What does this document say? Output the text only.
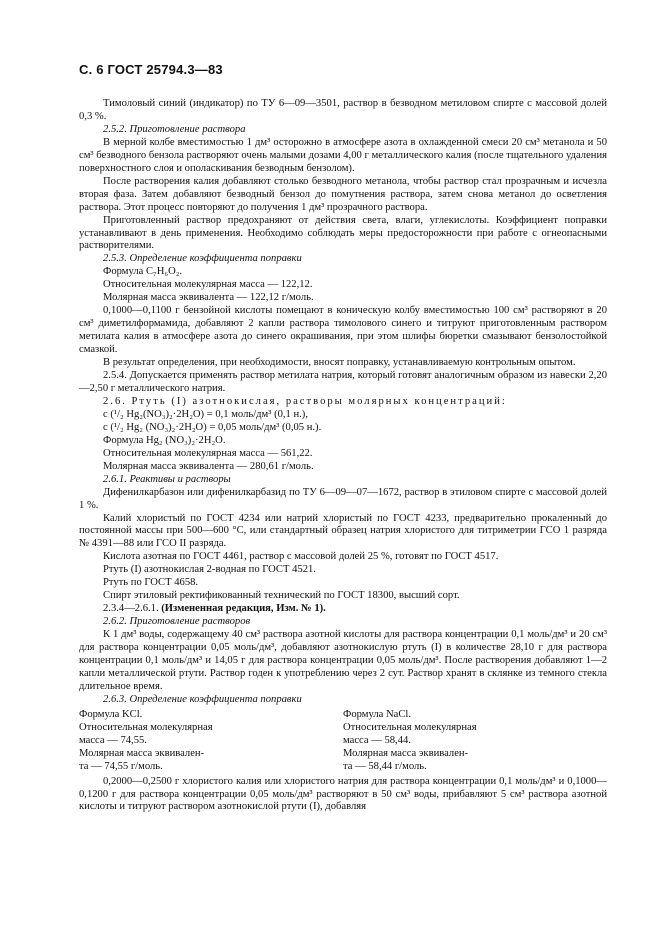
С. 6 ГОСТ 25794.3—83

Тимоловый синий (индикатор) по ТУ 6—09—3501, раствор в безводном метиловом спирте с массовой долей 0,3 %.

2.5.2. Приготовление раствора

В мерной колбе вместимостью 1 дм³ осторожно в атмосфере азота в охлажденной смеси 20 см³ метанола и 50 см³ безводного бензола растворяют очень малыми дозами 4,00 г металлического калия (после тщательного удаления поверхностного слоя и ополаскивания безводным бензолом).

После растворения калия добавляют столько безводного метанола, чтобы раствор стал прозрачным и исчезла вторая фаза. Затем добавляют безводный бензол до помутнения раствора, затем снова метанол до осветления раствора. Этот процесс повторяют до получения 1 дм³ прозрачного раствора.

Приготовленный раствор предохраняют от действия света, влаги, углекислоты. Коэффициент поправки устанавливают в день применения. Необходимо соблюдать меры предосторожности при работе с огнеопасными растворителями.

2.5.3. Определение коэффициента поправки

Формула C₇H₆O₂.

Относительная молекулярная масса — 122,12.

Молярная масса эквивалента — 122,12 г/моль.

0,1000—0,1100 г бензойной кислоты помещают в коническую колбу вместимостью 100 см³ растворяют в 20 см³ диметилформамида, добавляют 2 капли раствора тимолового синего и титруют приготовленным раствором метилата калия в атмосфере азота до синего окрашивания, при этом шлифы бюретки смазывают бензолостойкой смазкой.

В результат определения, при необходимости, вносят поправку, устанавливаемую контрольным опытом.

2.5.4. Допускается применять раствор метилата натрия, который готовят аналогичным образом из навески 2,20—2,50 г металлического натрия.

2.6. Ртуть (I) азотнокислая, растворы молярных концентраций:

c (¹/₂ Hg₂(NO₃)₂·2H₂O) = 0,1 моль/дм³ (0,1 н.),

c (¹/₂ Hg₂ (NO₃)₂·2H₂O) = 0,05 моль/дм³ (0,05 н.).

Формула Hg₂ (NO₃)₂·2H₂O.

Относительная молекулярная масса — 561,22.

Молярная масса эквивалента — 280,61 г/моль.

2.6.1. Реактивы и растворы

Дифенилкарбазон или дифенилкарбазид по ТУ 6—09—07—1672, раствор в этиловом спирте с массовой долей 1 %.

Калий хлористый по ГОСТ 4234 или натрий хлористый по ГОСТ 4233, предварительно прокаленный до постоянной массы при 500—600 °С, или стандартный образец натрия хлористого для титриметрии ГСО 1 разряда № 4391—88 или ГСО II разряда.

Кислота азотная по ГОСТ 4461, раствор с массовой долей 25 %, готовят по ГОСТ 4517.

Ртуть (I) азотнокислая 2-водная по ГОСТ 4521.

Ртуть по ГОСТ 4658.

Спирт этиловый ректификованный технический по ГОСТ 18300, высший сорт.

2.3.4—2.6.1. (Измененная редакция, Изм. № 1).

2.6.2. Приготовление растворов

К 1 дм³ воды, содержащему 40 см³ раствора азотной кислоты для раствора концентрации 0,1 моль/дм³ и 20 см³ для раствора концентрации 0,05 моль/дм³, добавляют азотнокислую ртуть (I) в количестве 28,10 г для раствора концентрации 0,1 моль/дм³ и 14,05 г для раствора концентрации 0,05 моль/дм³. После растворения добавляют 1—2 капли металлической ртути. Раствор годен к употреблению через 2 сут. Раствор хранят в склянке из темного стекла длительное время.

2.6.3. Определение коэффициента поправки

Формула KCl.

Относительная молекулярная

масса — 74,55.

Молярная масса эквивален-

та — 74,55 г/моль.

Формула NaCl.

Относительная молекулярная

масса — 58,44.

Молярная масса эквивален-

та — 58,44 г/моль.

0,2000—0,2500 г хлористого калия или хлористого натрия для раствора концентрации 0,1 моль/дм³ и 0,1000—0,1200 г для раствора концентрации 0,05 моль/дм³ растворяют в 50 см³ воды, прибавляют 5 см³ раствора азотной кислоты и титруют раствором азотнокислой ртути (I), добавляя
